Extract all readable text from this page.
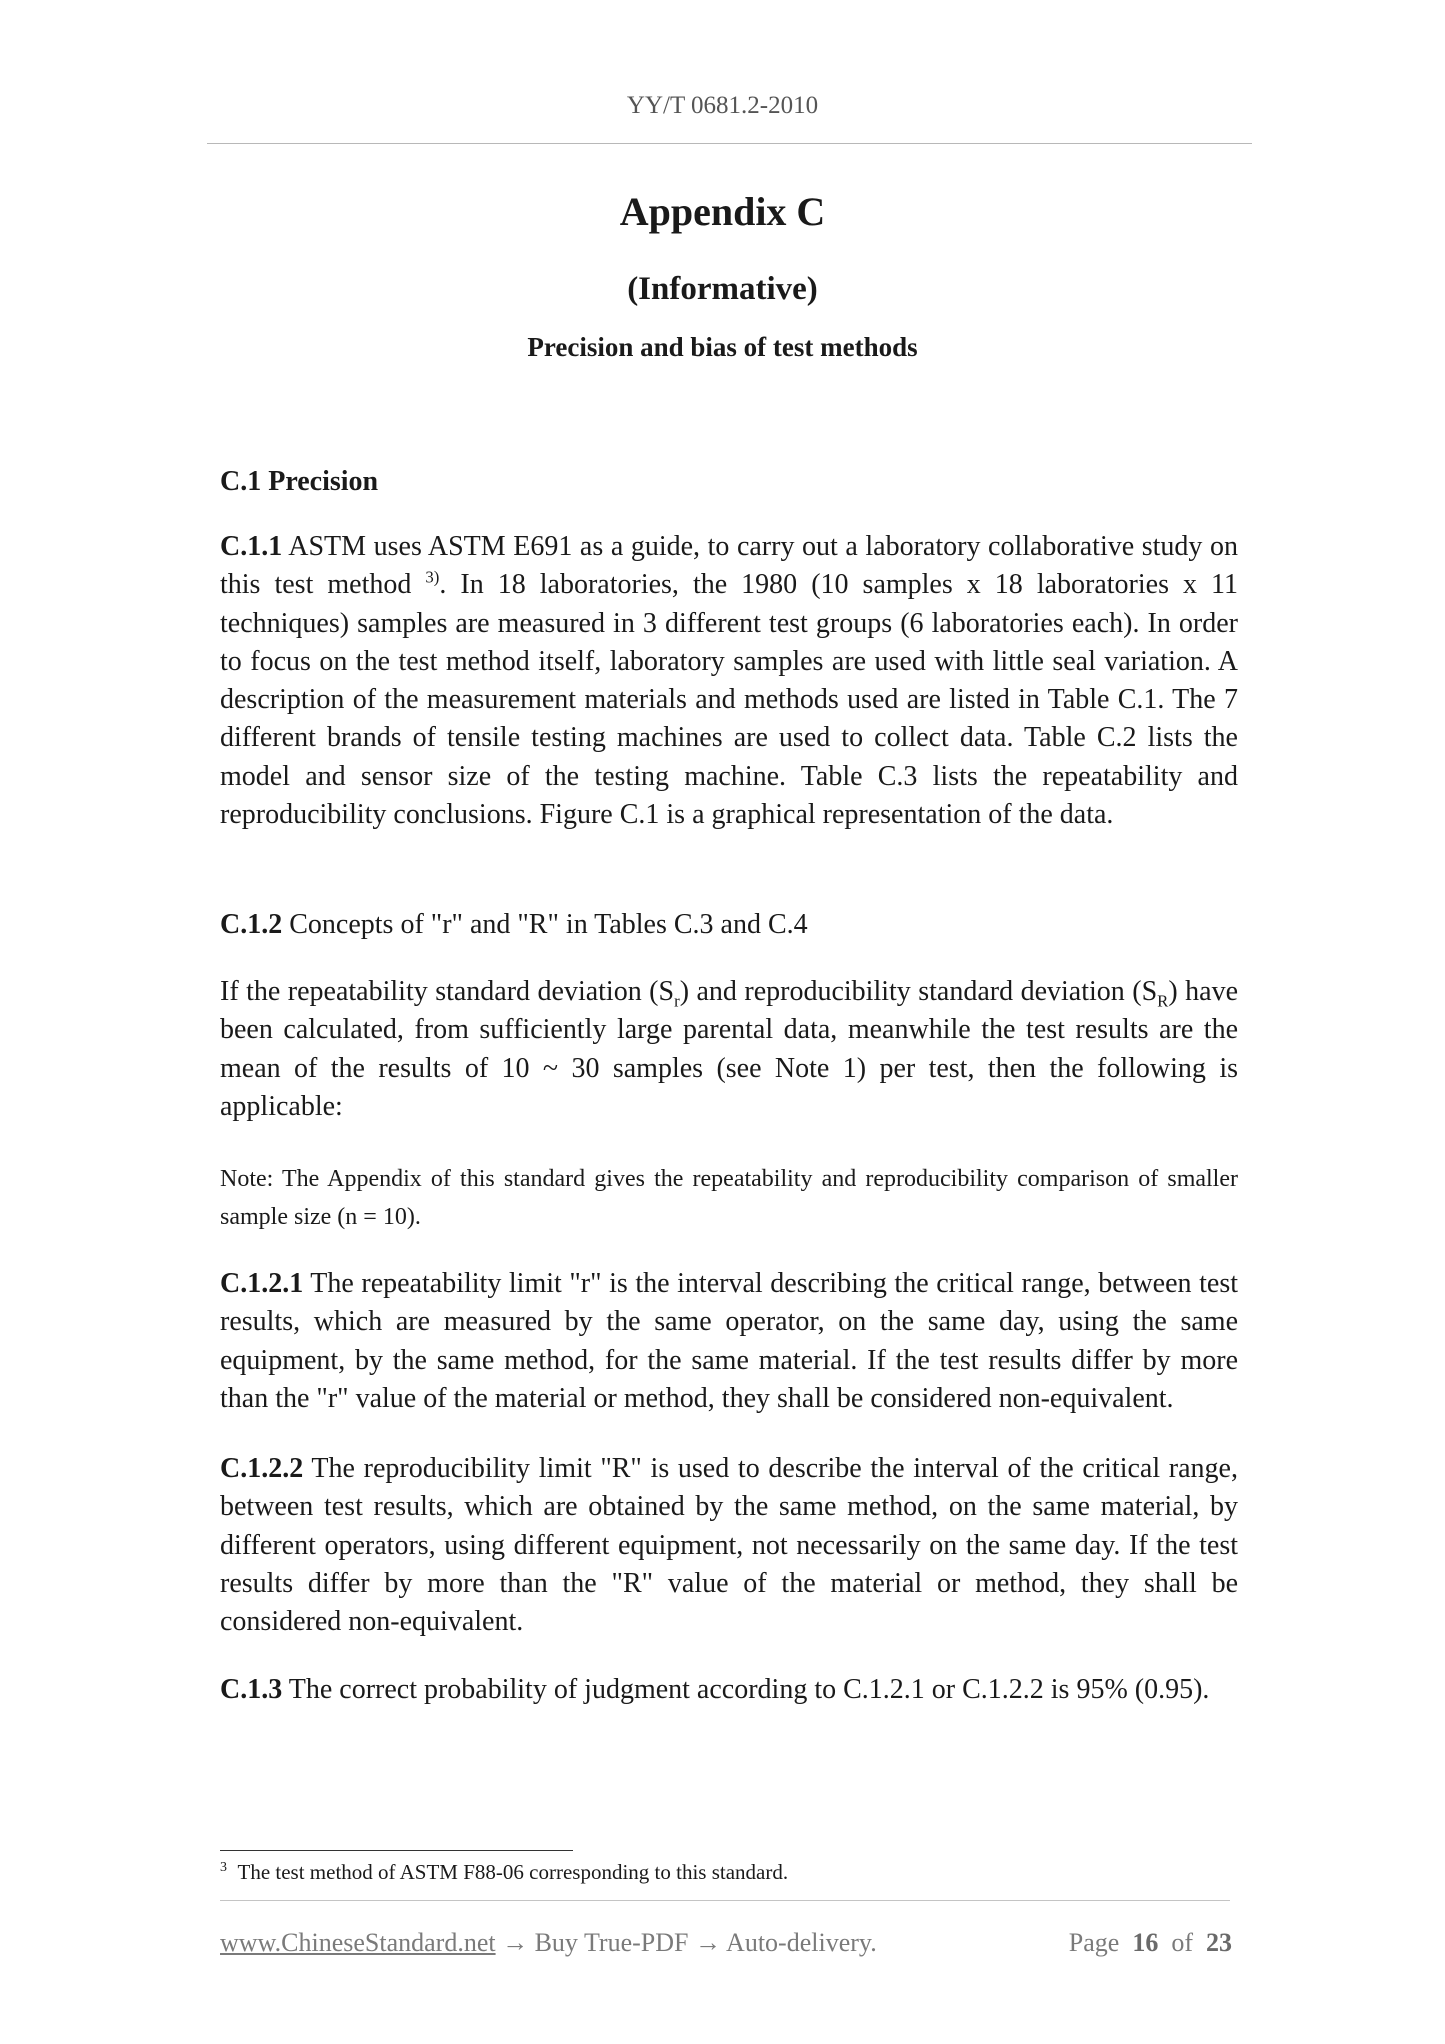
YY/T 0681.2-2010
Appendix C
(Informative)
Precision and bias of test methods
C.1 Precision
C.1.1 ASTM uses ASTM E691 as a guide, to carry out a laboratory collaborative study on this test method $^{3)}$. In 18 laboratories, the 1980 (10 samples x 18 laboratories x 11 techniques) samples are measured in 3 different test groups (6 laboratories each). In order to focus on the test method itself, laboratory samples are used with little seal variation. A description of the measurement materials and methods used are listed in Table C.1. The 7 different brands of tensile testing machines are used to collect data. Table C.2 lists the model and sensor size of the testing machine. Table C.3 lists the repeatability and reproducibility conclusions. Figure C.1 is a graphical representation of the data.
C.1.2 Concepts of "r" and "R" in Tables C.3 and C.4
If the repeatability standard deviation $(S_r)$ and reproducibility standard deviation $(S_R)$ have been calculated, from sufficiently large parental data, meanwhile the test results are the mean of the results of 10 ~ 30 samples (see Note 1) per test, then the following is applicable:
Note: The Appendix of this standard gives the repeatability and reproducibility comparison of smaller sample size (n = 10).
C.1.2.1 The repeatability limit "r" is the interval describing the critical range, between test results, which are measured by the same operator, on the same day, using the same equipment, by the same method, for the same material. If the test results differ by more than the "r" value of the material or method, they shall be considered non-equivalent.
C.1.2.2 The reproducibility limit "R" is used to describe the interval of the critical range, between test results, which are obtained by the same method, on the same material, by different operators, using different equipment, not necessarily on the same day. If the test results differ by more than the "R" value of the material or method, they shall be considered non-equivalent.
C.1.3 The correct probability of judgment according to C.1.2.1 or C.1.2.2 is 95% (0.95).
$^3$ The test method of ASTM F88-06 corresponding to this standard.
www.ChineseStandard.net → Buy True-PDF → Auto-delivery.	Page 16 of 23
